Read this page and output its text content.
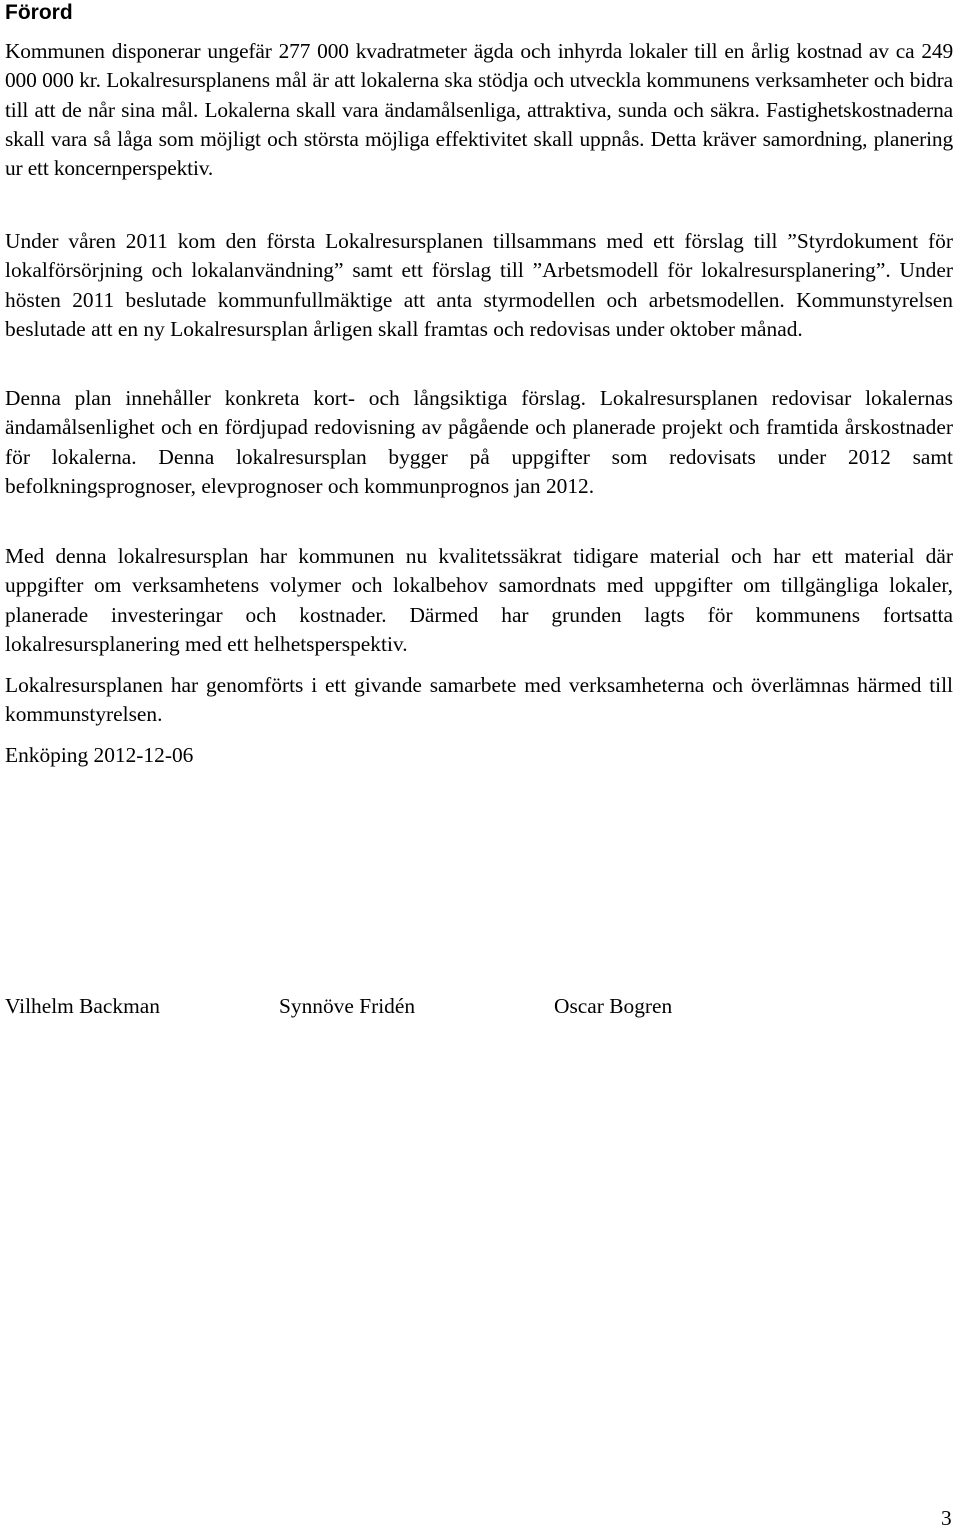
Förord

Kommunen disponerar ungefär 277 000 kvadratmeter ägda och inhyrda lokaler till en årlig kostnad av ca 249 000 000 kr. Lokalresursplanens mål är att lokalerna ska stödja och utveckla kommunens verksamheter och bidra till att de når sina mål. Lokalerna skall vara ändamålsenliga, attraktiva, sunda och säkra. Fastighetskostnaderna skall vara så låga som möjligt och största möjliga effektivitet skall uppnås. Detta kräver samordning, planering ur ett koncernperspektiv.

Under våren 2011 kom den första Lokalresursplanen tillsammans med ett förslag till ”Styrdokument för lokalförsörjning och lokalanvändning” samt ett förslag till ”Arbetsmodell för lokalresursplanering”. Under hösten 2011 beslutade kommunfullmäktige att anta styrmodellen och arbetsmodellen. Kommunstyrelsen beslutade att en ny Lokalresursplan årligen skall framtas och redovisas under oktober månad.

Denna plan innehåller konkreta kort- och långsiktiga förslag. Lokalresursplanen redovisar lokalernas ändamålsenlighet och en fördjupad redovisning av pågående och planerade projekt och framtida årskostnader för lokalerna. Denna lokalresursplan bygger på uppgifter som redovisats under 2012 samt befolkningsprognoser, elevprognoser och kommunprognos jan 2012.

Med denna lokalresursplan har kommunen nu kvalitetssäkrat tidigare material och har ett material där uppgifter om verksamhetens volymer och lokalbehov samordnats med uppgifter om tillgängliga lokaler, planerade investeringar och kostnader. Därmed har grunden lagts för kommunens fortsatta lokalresursplanering med ett helhetsperspektiv.

Lokalresursplanen har genomförts i ett givande samarbete med verksamheterna och överlämnas härmed till kommunstyrelsen.

Enköping 2012-12-06
Vilhelm Backman	Synnöve Fridén	Oscar Bogren
3
